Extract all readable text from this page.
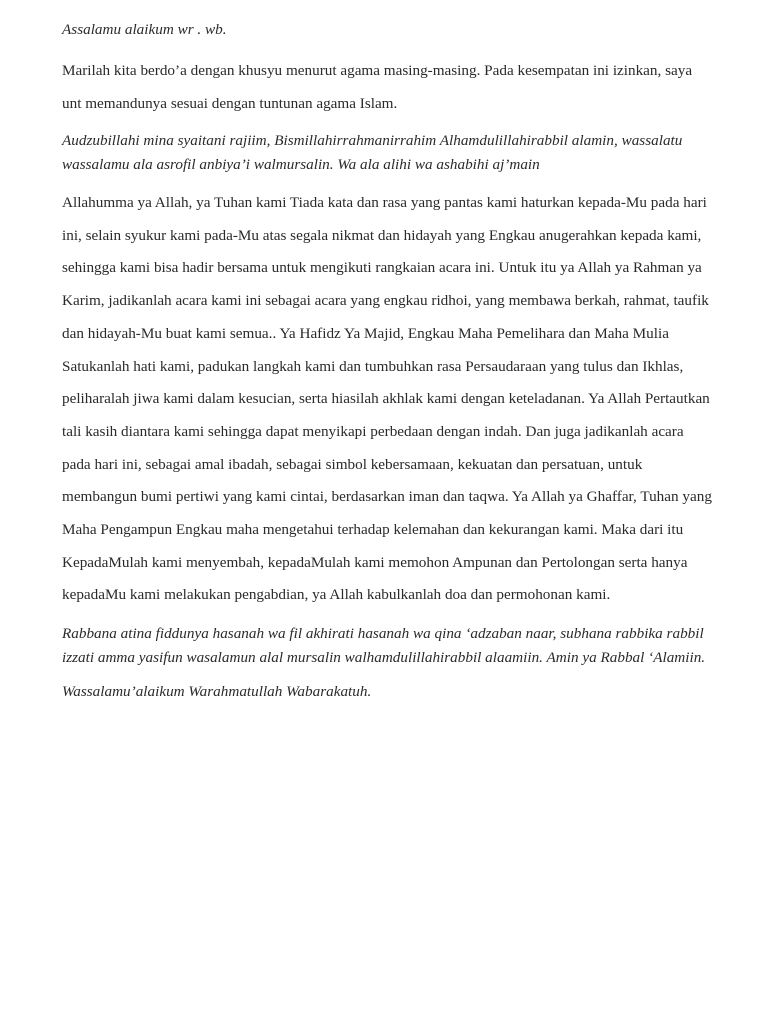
Assalamu alaikum wr . wb.

Marilah kita berdo’a dengan khusyu menurut agama masing-masing. Pada kesempatan ini izinkan, saya unt memandunya sesuai dengan tuntunan agama Islam.

Audzubillahi mina syaitani rajiim, Bismillahirrahmanirrahim Alhamdulillahirabbil alamin, wassalatu wassalamu ala asrofil anbiya’i walmursalin. Wa ala alihi wa ashabihi aj’main

Allahumma ya Allah, ya Tuhan kami Tiada kata dan rasa yang pantas kami haturkan kepada-Mu pada hari ini, selain syukur kami pada-Mu atas segala nikmat dan hidayah yang Engkau anugerahkan kepada kami, sehingga kami bisa hadir bersama untuk mengikuti rangkaian acara ini. Untuk itu ya Allah ya Rahman ya Karim, jadikanlah acara kami ini sebagai acara yang engkau ridhoi, yang membawa berkah, rahmat, taufik dan hidayah-Mu buat kami semua.. Ya Hafidz Ya Majid, Engkau Maha Pemelihara dan Maha Mulia Satukanlah hati kami, padukan langkah kami dan tumbuhkan rasa Persaudaraan yang tulus dan Ikhlas, peliharalah jiwa kami dalam kesucian, serta hiasilah akhlak kami dengan keteladanan. Ya Allah Pertautkan tali kasih diantara kami sehingga dapat menyikapi perbedaan dengan indah. Dan juga jadikanlah acara pada hari ini, sebagai amal ibadah, sebagai simbol kebersamaan, kekuatan dan persatuan, untuk membangun bumi pertiwi yang kami cintai, berdasarkan iman dan taqwa. Ya Allah ya Ghaffar, Tuhan yang Maha Pengampun Engkau maha mengetahui terhadap kelemahan dan kekurangan kami. Maka dari itu KepadaMulah kami menyembah, kepadaMulah kami memohon Ampunan dan Pertolongan serta hanya kepadaMu kami melakukan pengabdian, ya Allah kabulkanlah doa dan permohonan kami.

Rabbana atina fiddunya hasanah wa fil akhirati hasanah wa qina ‘adzaban naar, subhana rabbika rabbil izzati amma yasifun wasalamun alal mursalin walhamdulillahirabbil alaamiin. Amin ya Rabbal ‘Alamiin.

Wassalamu’alaikum Warahmatullah Wabarakatuh.
